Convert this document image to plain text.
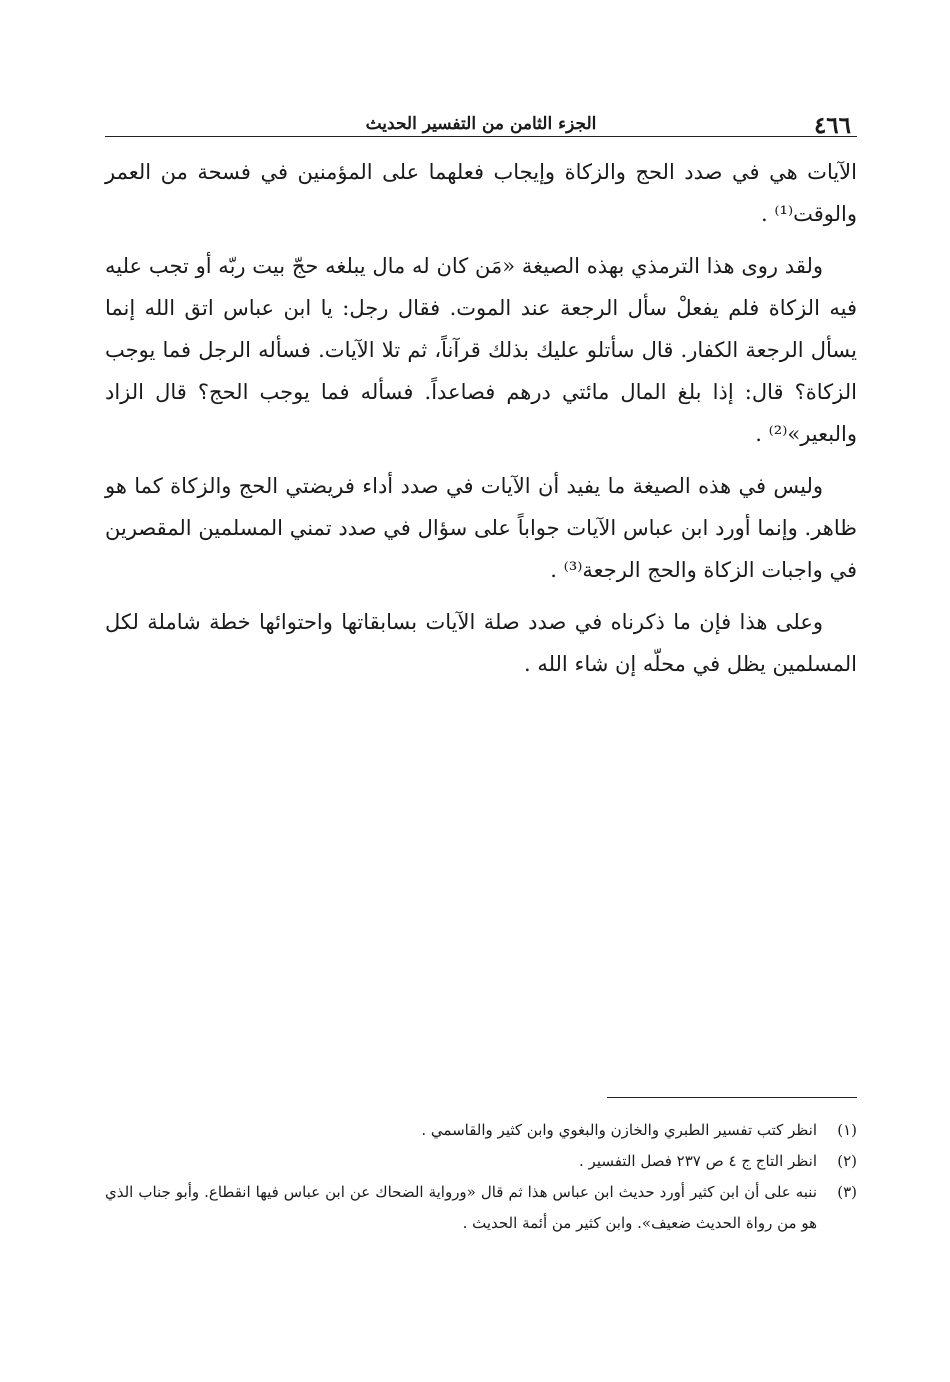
٤٦٦
الجزء الثامن من التفسير الحديث

الآيات هي في صدد الحج والزكاة وإيجاب فعلهما على المؤمنين في فسحة من العمر والوقت⁽¹⁾ .

ولقد روى هذا الترمذي بهذه الصيغة «مَن كان له مال يبلغه حجّ بيت ربّه أو تجب عليه فيه الزكاة فلم يفعلْ سأل الرجعة عند الموت. فقال رجل: يا ابن عباس اتق الله إنما يسأل الرجعة الكفار. قال سأتلو عليك بذلك قرآناً، ثم تلا الآيات. فسأله الرجل فما يوجب الزكاة؟ قال: إذا بلغ المال مائتي درهم فصاعداً. فسأله فما يوجب الحج؟ قال الزاد والبعير»⁽²⁾ .

وليس في هذه الصيغة ما يفيد أن الآيات في صدد أداء فريضتي الحج والزكاة كما هو ظاهر. وإنما أورد ابن عباس الآيات جواباً على سؤال في صدد تمني المسلمين المقصرين في واجبات الزكاة والحج الرجعة⁽³⁾ .

وعلى هذا فإن ما ذكرناه في صدد صلة الآيات بسابقاتها واحتوائها خطة شاملة لكل المسلمين يظل في محلّه إن شاء الله .

(١)
انظر كتب تفسير الطبري والخازن والبغوي وابن كثير والقاسمي .
(٢)
انظر التاج ج ٤ ص ٢٣٧ فصل التفسير .
(٣)
ننبه على أن ابن كثير أورد حديث ابن عباس هذا ثم قال «ورواية الضحاك عن ابن عباس فيها انقطاع. وأبو جناب الذي هو من رواة الحديث ضعيف». وابن كثير من أئمة الحديث .
